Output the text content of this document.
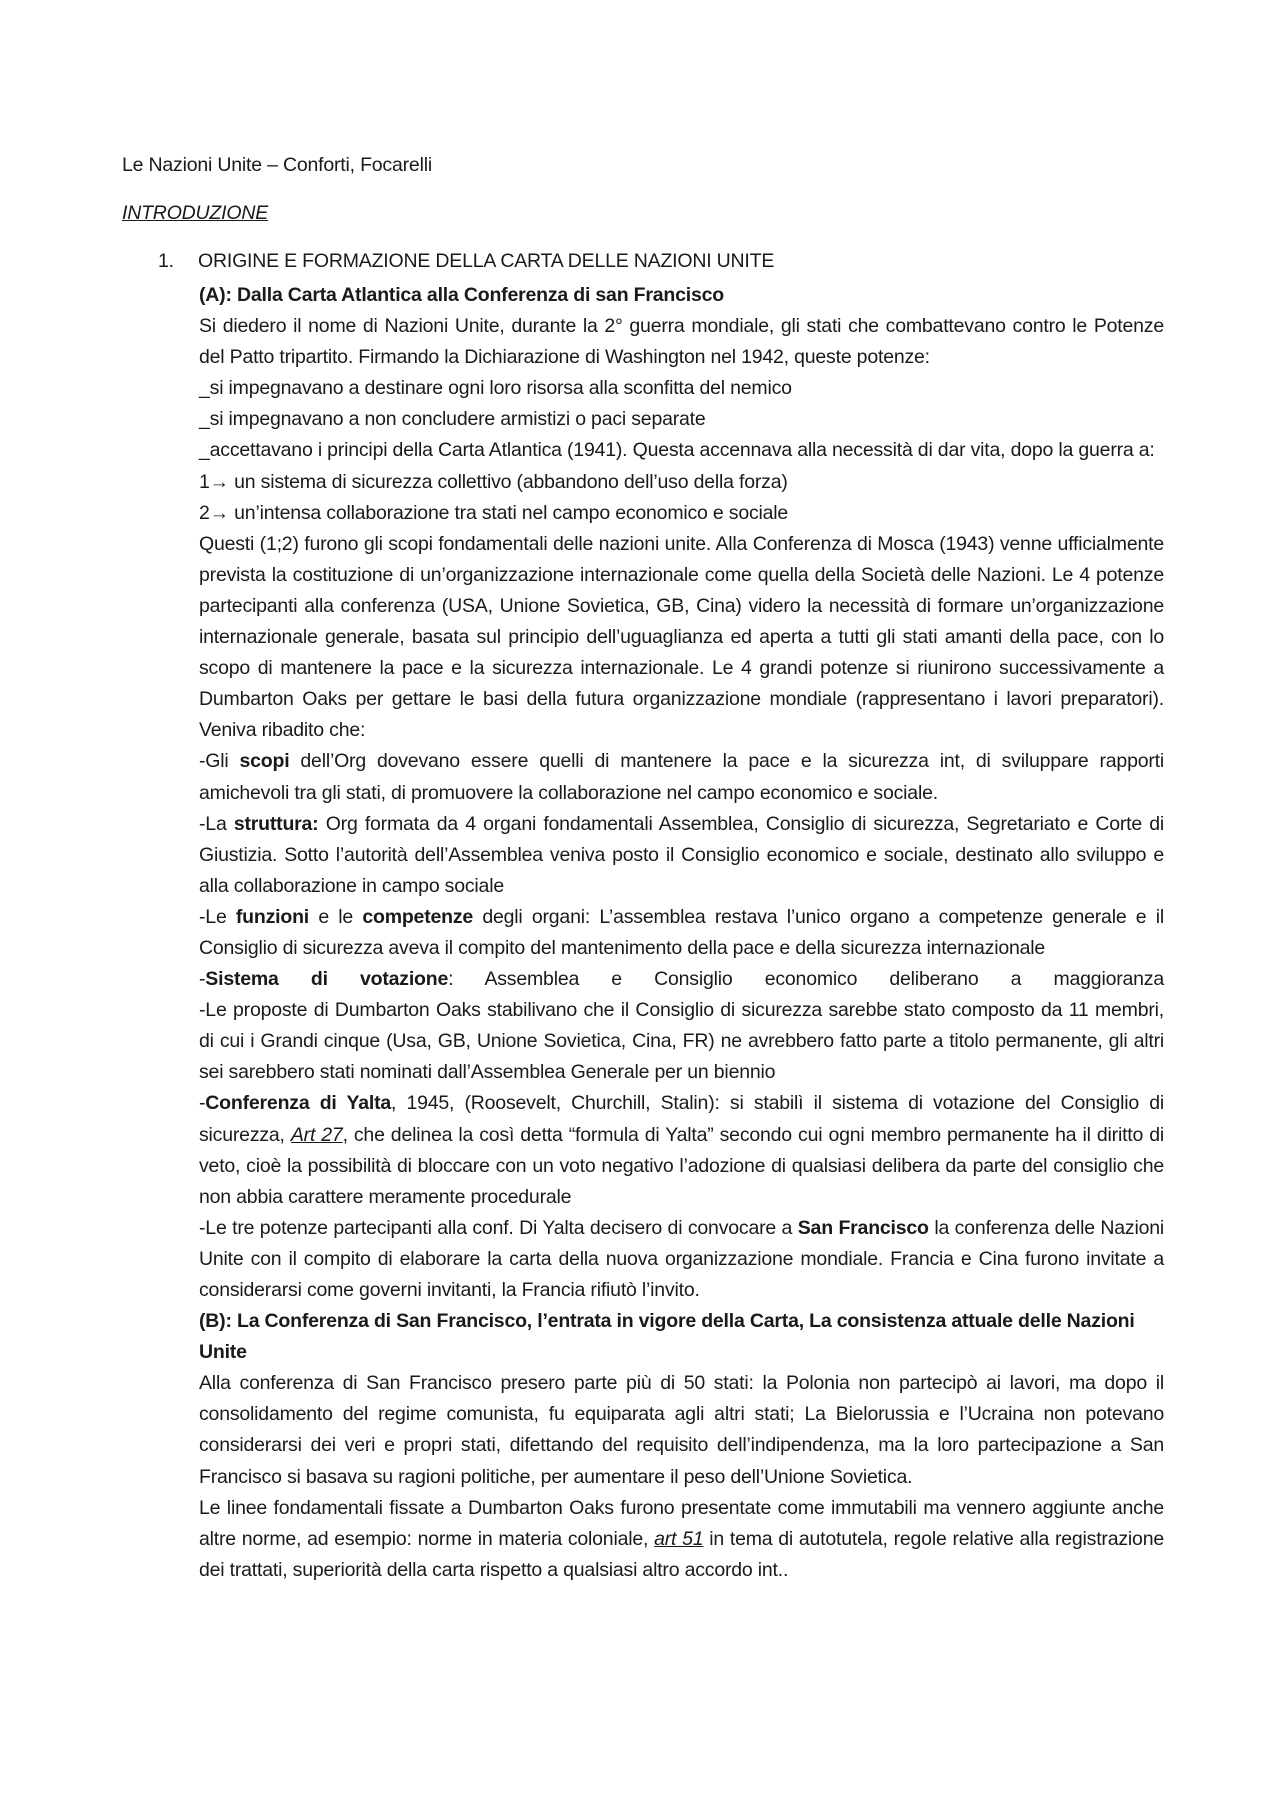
Le Nazioni Unite – Conforti, Focarelli
INTRODUZIONE
1. ORIGINE E FORMAZIONE DELLA CARTA DELLE NAZIONI UNITE

(A): Dalla Carta Atlantica alla Conferenza di san Francisco

Si diedero il nome di Nazioni Unite, durante la 2° guerra mondiale, gli stati che combattevano contro le Potenze del Patto tripartito. Firmando la Dichiarazione di Washington nel 1942, queste potenze:

_si impegnavano a destinare ogni loro risorsa alla sconfitta del nemico

_si impegnavano a non concludere armistizi o paci separate

_accettavano i principi della Carta Atlantica (1941). Questa accennava alla necessità di dar vita, dopo la guerra a:

1→ un sistema di sicurezza collettivo (abbandono dell’uso della forza)

2→ un’intensa collaborazione tra stati nel campo economico e sociale

Questi (1;2) furono gli scopi fondamentali delle nazioni unite. Alla Conferenza di Mosca (1943) venne ufficialmente prevista la costituzione di un’organizzazione internazionale come quella della Società delle Nazioni. Le 4 potenze partecipanti alla conferenza (USA, Unione Sovietica, GB, Cina) videro la necessità di formare un’organizzazione internazionale generale, basata sul principio dell’uguaglianza ed aperta a tutti gli stati amanti della pace, con lo scopo di mantenere la pace e la sicurezza internazionale. Le 4 grandi potenze si riunirono successivamente a Dumbarton Oaks per gettare le basi della futura organizzazione mondiale (rappresentano i lavori preparatori). Veniva ribadito che:

-Gli scopi dell’Org dovevano essere quelli di mantenere la pace e la sicurezza int, di sviluppare rapporti amichevoli tra gli stati, di promuovere la collaborazione nel campo economico e sociale.

-La struttura: Org formata da 4 organi fondamentali Assemblea, Consiglio di sicurezza, Segretariato e Corte di Giustizia. Sotto l’autorità dell’Assemblea veniva posto il Consiglio economico e sociale, destinato allo sviluppo e alla collaborazione in campo sociale

-Le funzioni e le competenze degli organi: L’assemblea restava l’unico organo a competenze generale e il Consiglio di sicurezza aveva il compito del mantenimento della pace e della sicurezza internazionale

-Sistema di votazione: Assemblea e Consiglio economico deliberano a maggioranza

-Le proposte di Dumbarton Oaks stabilivano che il Consiglio di sicurezza sarebbe stato composto da 11 membri, di cui i Grandi cinque (Usa, GB, Unione Sovietica, Cina, FR) ne avrebbero fatto parte a titolo permanente, gli altri sei sarebbero stati nominati dall’Assemblea Generale per un biennio

-Conferenza di Yalta, 1945, (Roosevelt, Churchill, Stalin): si stabilì il sistema di votazione del Consiglio di sicurezza, Art 27, che delinea la così detta “formula di Yalta” secondo cui ogni membro permanente ha il diritto di veto, cioè la possibilità di bloccare con un voto negativo l’adozione di qualsiasi delibera da parte del consiglio che non abbia carattere meramente procedurale

-Le tre potenze partecipanti alla conf. Di Yalta decisero di convocare a San Francisco la conferenza delle Nazioni Unite con il compito di elaborare la carta della nuova organizzazione mondiale. Francia e Cina furono invitate a considerarsi come governi invitanti, la Francia rifiutò l’invito.

(B): La Conferenza di San Francisco, l’entrata in vigore della Carta, La consistenza attuale delle Nazioni Unite

Alla conferenza di San Francisco presero parte più di 50 stati: la Polonia non partecipò ai lavori, ma dopo il consolidamento del regime comunista, fu equiparata agli altri stati; La Bielorussia e l’Ucraina non potevano considerarsi dei veri e propri stati, difettando del requisito dell’indipendenza, ma la loro partecipazione a San Francisco si basava su ragioni politiche, per aumentare il peso dell’Unione Sovietica.

Le linee fondamentali fissate a Dumbarton Oaks furono presentate come immutabili ma vennero aggiunte anche altre norme, ad esempio: norme in materia coloniale, art 51 in tema di autotutela, regole relative alla registrazione dei trattati, superiorità della carta rispetto a qualsiasi altro accordo int..
